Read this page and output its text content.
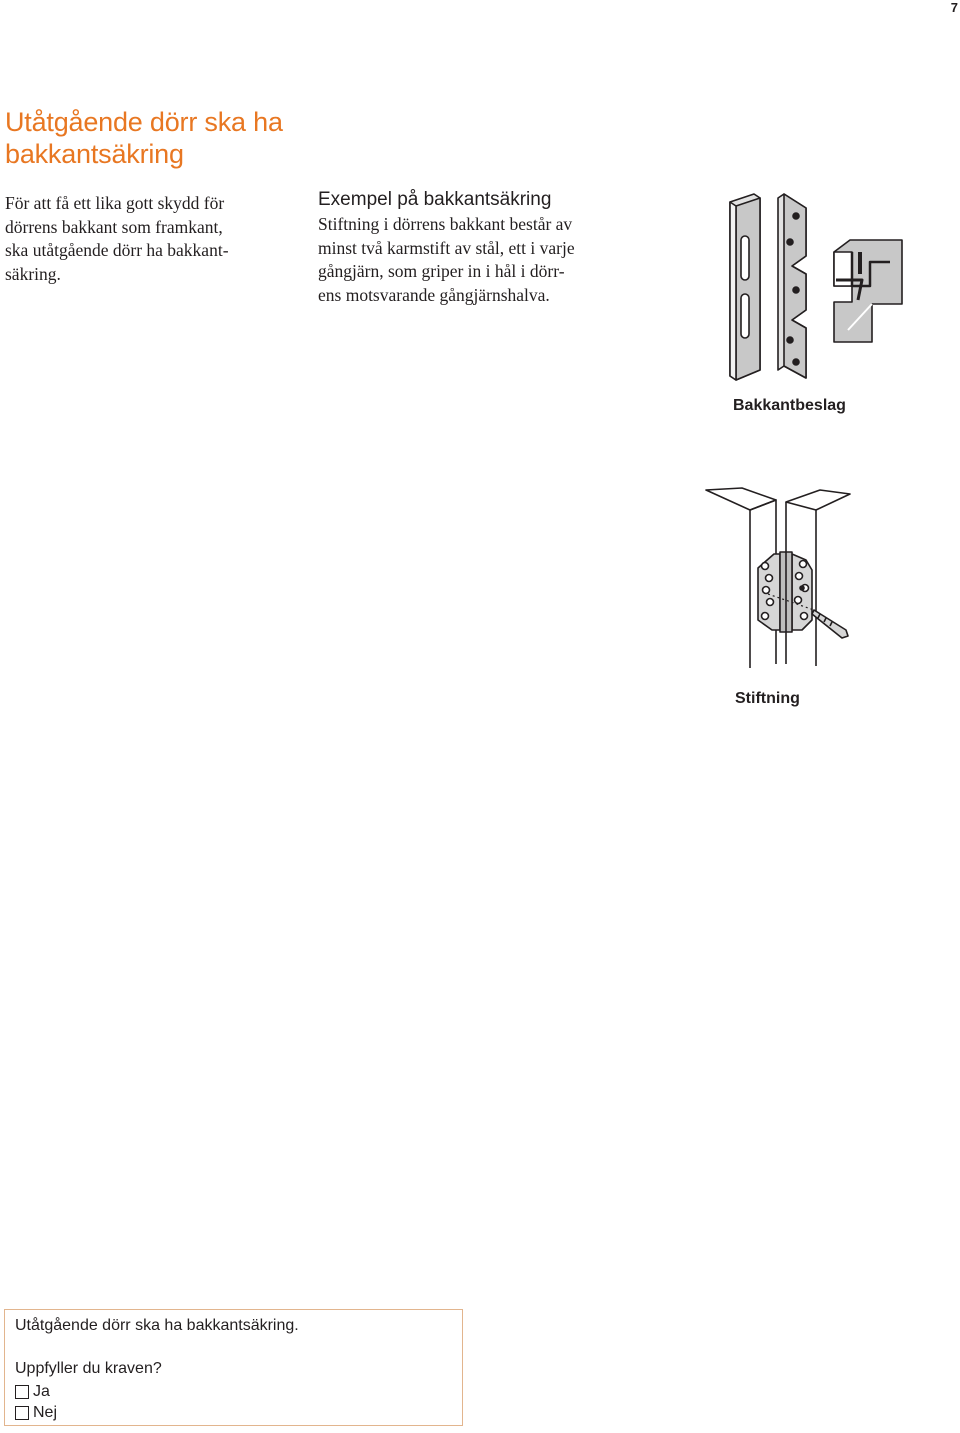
7
Utåtgående dörr ska ha bakkantsäkring

För att få ett lika gott skydd för
dörrens bakkant som framkant,
ska utåtgående dörr ha bakkant-
säkring.

Exempel på bakkantsäkring

Stiftning i dörrens bakkant består av
minst två karmstift av stål, ett i varje
gångjärn, som griper in i hål i dörr-
ens motsvarande gångjärnshalva.

Bakkantbeslag
Stiftning
Utåtgående dörr ska ha bakkantsäkring.
Uppfyller du kraven?
Ja
Nej
